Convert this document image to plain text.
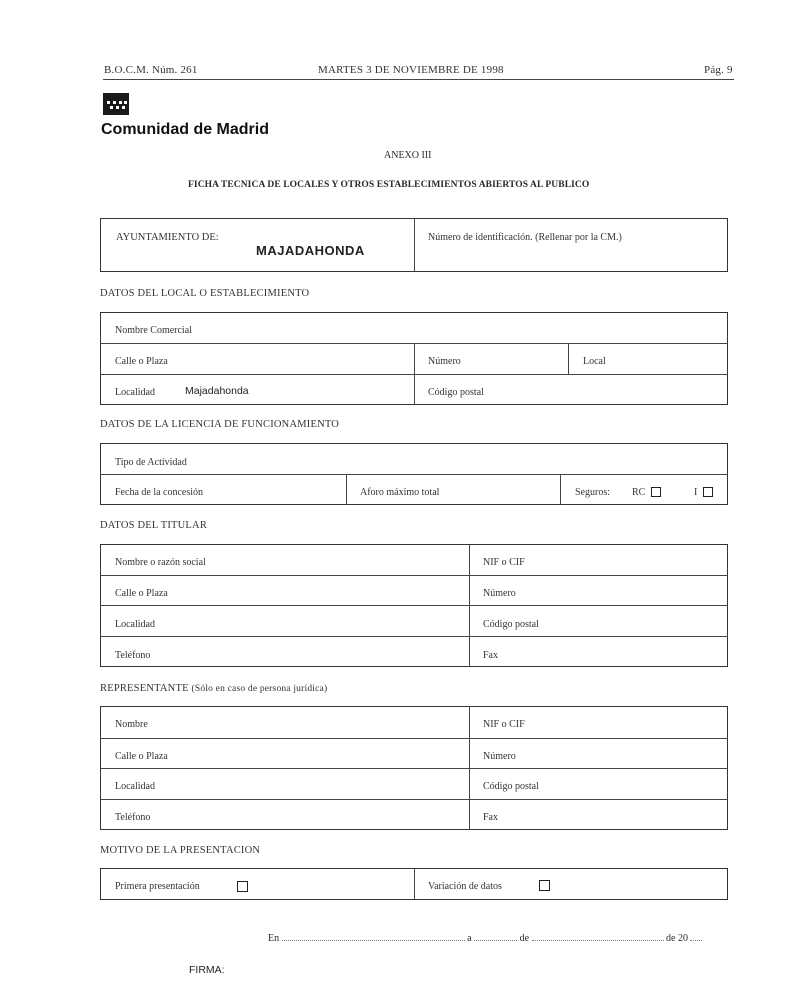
B.O.C.M. Núm. 261	MARTES 3 DE NOVIEMBRE DE 1998	Pág. 9
Comunidad de Madrid
ANEXO III
FICHA TECNICA DE LOCALES Y OTROS ESTABLECIMIENTOS ABIERTOS AL PUBLICO
AYUNTAMIENTO DE:
MAJADAHONDA
Número de identificación. (Rellenar por la CM.)
DATOS DEL LOCAL O ESTABLECIMIENTO
Nombre Comercial
Calle o Plaza	Número	Local
Localidad	Majadahonda	Código postal
DATOS DE LA LICENCIA DE FUNCIONAMIENTO
Tipo de Actividad
Fecha de la concesión	Aforo máximo total	Seguros: RC	I
DATOS DEL TITULAR
Nombre o razón social	NIF o CIF
Calle o Plaza	Número
Localidad	Código postal
Teléfono	Fax
REPRESENTANTE (Sólo en caso de persona jurídica)
Nombre	NIF o CIF
Calle o Plaza	Número
Localidad	Código postal
Teléfono	Fax
MOTIVO DE LA PRESENTACION
Primera presentación	Variación de datos
En	a	de	de 20
FIRMA:
